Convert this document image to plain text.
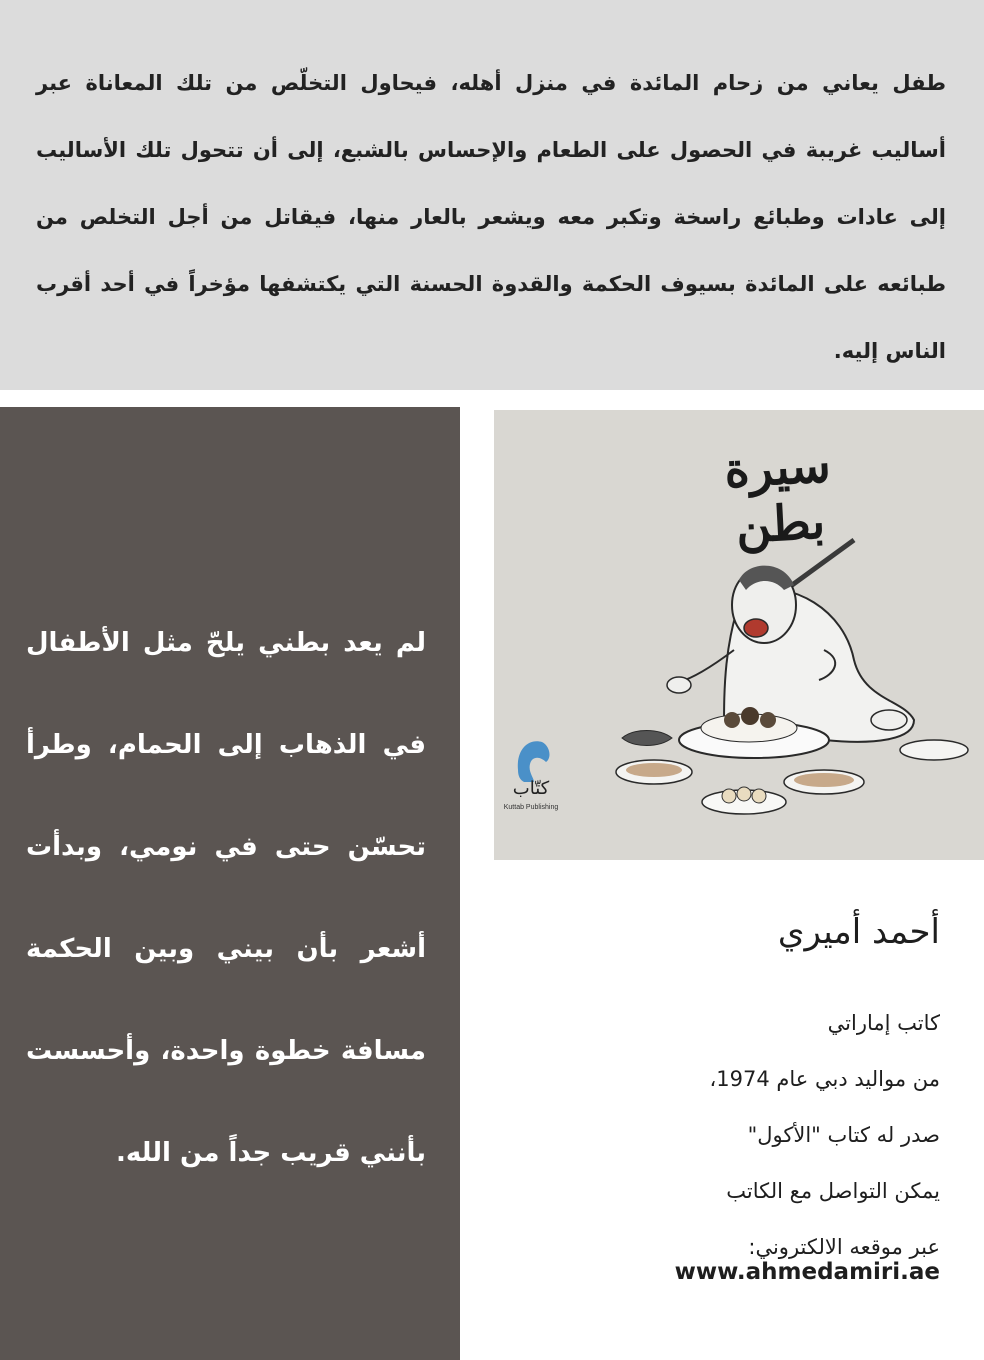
طفل يعاني من زحام المائدة في منزل أهله، فيحاول التخلّص من تلك المعاناة عبر أساليب غريبة في الحصول على الطعام والإحساس بالشبع، إلى أن تتحول تلك الأساليب إلى عادات وطبائع راسخة وتكبر معه ويشعر بالعار منها، فيقاتل من أجل التخلص من طبائعه على المائدة بسيوف الحكمة والقدوة الحسنة التي يكتشفها مؤخراً في أحد أقرب الناس إليه.
لم يعد بطني يلحّ مثل الأطفال في الذهاب إلى الحمام، وطرأ تحسّن حتى في نومي، وبدأت أشعر بأن بيني وبين الحكمة مسافة خطوة واحدة، وأحسست بأنني قريب جداً من الله.
سيرة بطن
كتّاب
Kuttab Publishing
أحمد أميري
كاتب إماراتي
من مواليد دبي عام 1974،
صدر له كتاب "الأكول"
يمكن التواصل مع الكاتب
عبر موقعه الالكتروني:
www.ahmedamiri.ae
